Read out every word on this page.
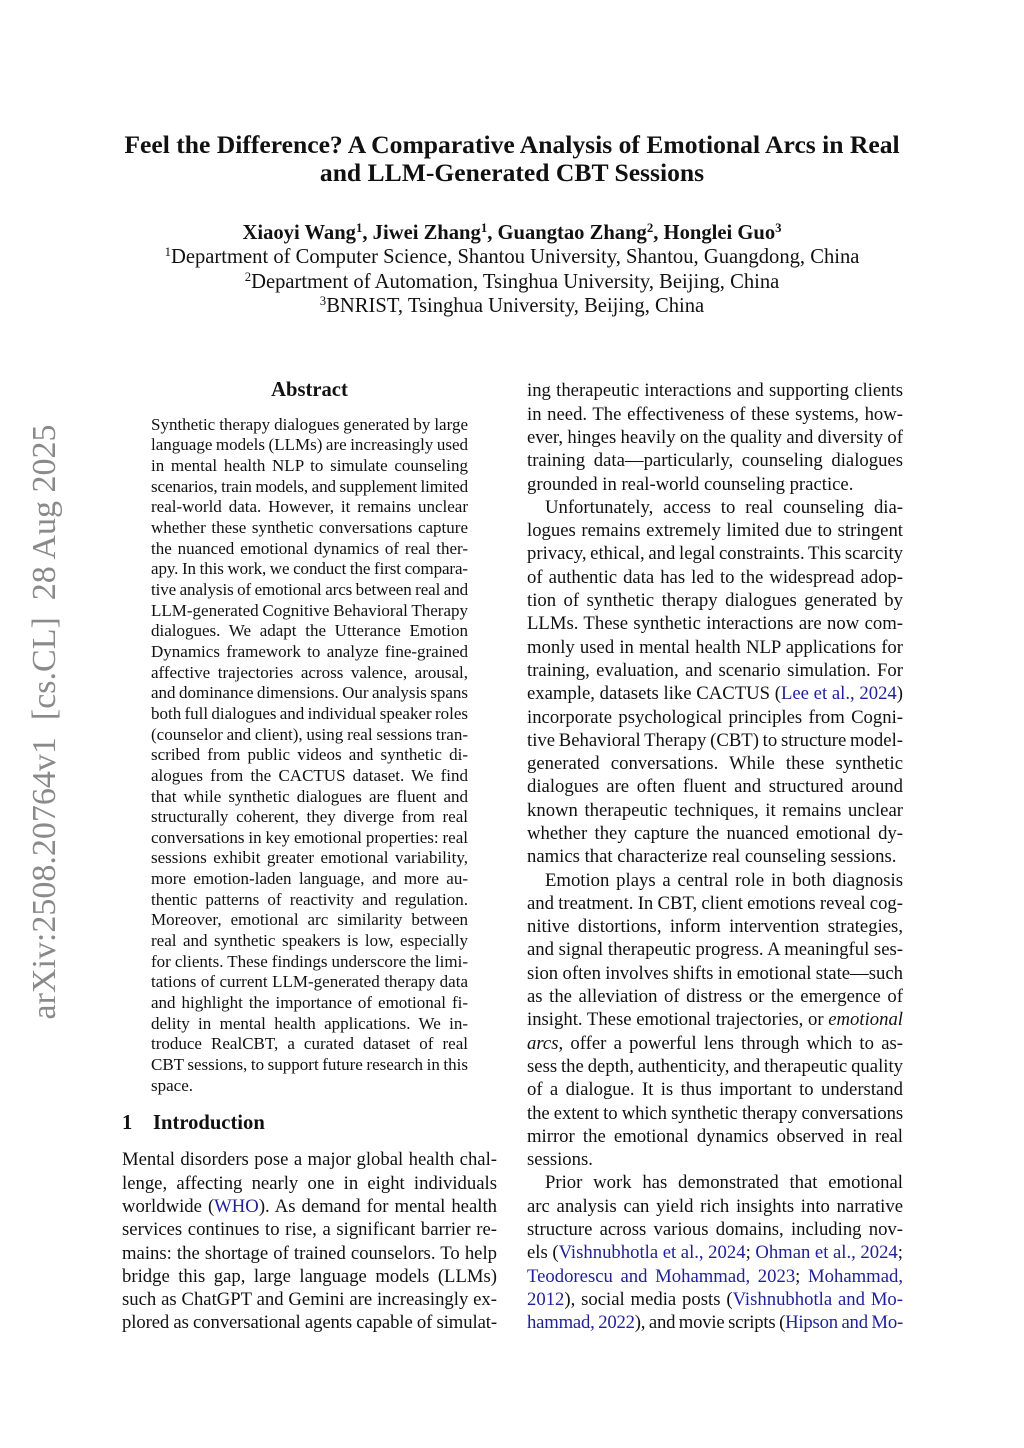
arXiv:2508.20764v1  [cs.CL]  28 Aug 2025
Feel the Difference? A Comparative Analysis of Emotional Arcs in Real
and LLM-Generated CBT Sessions
Xiaoyi Wang$^1$, Jiwei Zhang$^1$, Guangtao Zhang$^2$, Honglei Guo$^3$
$^1$Department of Computer Science, Shantou University, Shantou, Guangdong, China
$^2$Department of Automation, Tsinghua University, Beijing, China
$^3$BNRIST, Tsinghua University, Beijing, China
Abstract
Synthetic therapy dialogues generated by large
language models (LLMs) are increasingly used
in mental health NLP to simulate counseling
scenarios, train models, and supplement limited
real-world data. However, it remains unclear
whether these synthetic conversations capture
the nuanced emotional dynamics of real ther-
apy. In this work, we conduct the first compara-
tive analysis of emotional arcs between real and
LLM-generated Cognitive Behavioral Therapy
dialogues. We adapt the Utterance Emotion
Dynamics framework to analyze fine-grained
affective trajectories across valence, arousal,
and dominance dimensions. Our analysis spans
both full dialogues and individual speaker roles
(counselor and client), using real sessions tran-
scribed from public videos and synthetic di-
alogues from the CACTUS dataset. We find
that while synthetic dialogues are fluent and
structurally coherent, they diverge from real
conversations in key emotional properties: real
sessions exhibit greater emotional variability,
more emotion-laden language, and more au-
thentic patterns of reactivity and regulation.
Moreover, emotional arc similarity between
real and synthetic speakers is low, especially
for clients. These findings underscore the limi-
tations of current LLM-generated therapy data
and highlight the importance of emotional fi-
delity in mental health applications. We in-
troduce RealCBT, a curated dataset of real
CBT sessions, to support future research in this
space.
1 Introduction
Mental disorders pose a major global health chal-
lenge, affecting nearly one in eight individuals
worldwide (WHO). As demand for mental health
services continues to rise, a significant barrier re-
mains: the shortage of trained counselors. To help
bridge this gap, large language models (LLMs)
such as ChatGPT and Gemini are increasingly ex-
plored as conversational agents capable of simulat-
ing therapeutic interactions and supporting clients
in need. The effectiveness of these systems, how-
ever, hinges heavily on the quality and diversity of
training data—particularly, counseling dialogues
grounded in real-world counseling practice.
Unfortunately, access to real counseling dia-
logues remains extremely limited due to stringent
privacy, ethical, and legal constraints. This scarcity
of authentic data has led to the widespread adop-
tion of synthetic therapy dialogues generated by
LLMs. These synthetic interactions are now com-
monly used in mental health NLP applications for
training, evaluation, and scenario simulation. For
example, datasets like CACTUS (Lee et al., 2024)
incorporate psychological principles from Cogni-
tive Behavioral Therapy (CBT) to structure model-
generated conversations. While these synthetic
dialogues are often fluent and structured around
known therapeutic techniques, it remains unclear
whether they capture the nuanced emotional dy-
namics that characterize real counseling sessions.
Emotion plays a central role in both diagnosis
and treatment. In CBT, client emotions reveal cog-
nitive distortions, inform intervention strategies,
and signal therapeutic progress. A meaningful ses-
sion often involves shifts in emotional state—such
as the alleviation of distress or the emergence of
insight. These emotional trajectories, or emotional
arcs, offer a powerful lens through which to as-
sess the depth, authenticity, and therapeutic quality
of a dialogue. It is thus important to understand
the extent to which synthetic therapy conversations
mirror the emotional dynamics observed in real
sessions.
Prior work has demonstrated that emotional
arc analysis can yield rich insights into narrative
structure across various domains, including nov-
els (Vishnubhotla et al., 2024; Ohman et al., 2024;
Teodorescu and Mohammad, 2023; Mohammad,
2012), social media posts (Vishnubhotla and Mo-
hammad, 2022), and movie scripts (Hipson and Mo-
